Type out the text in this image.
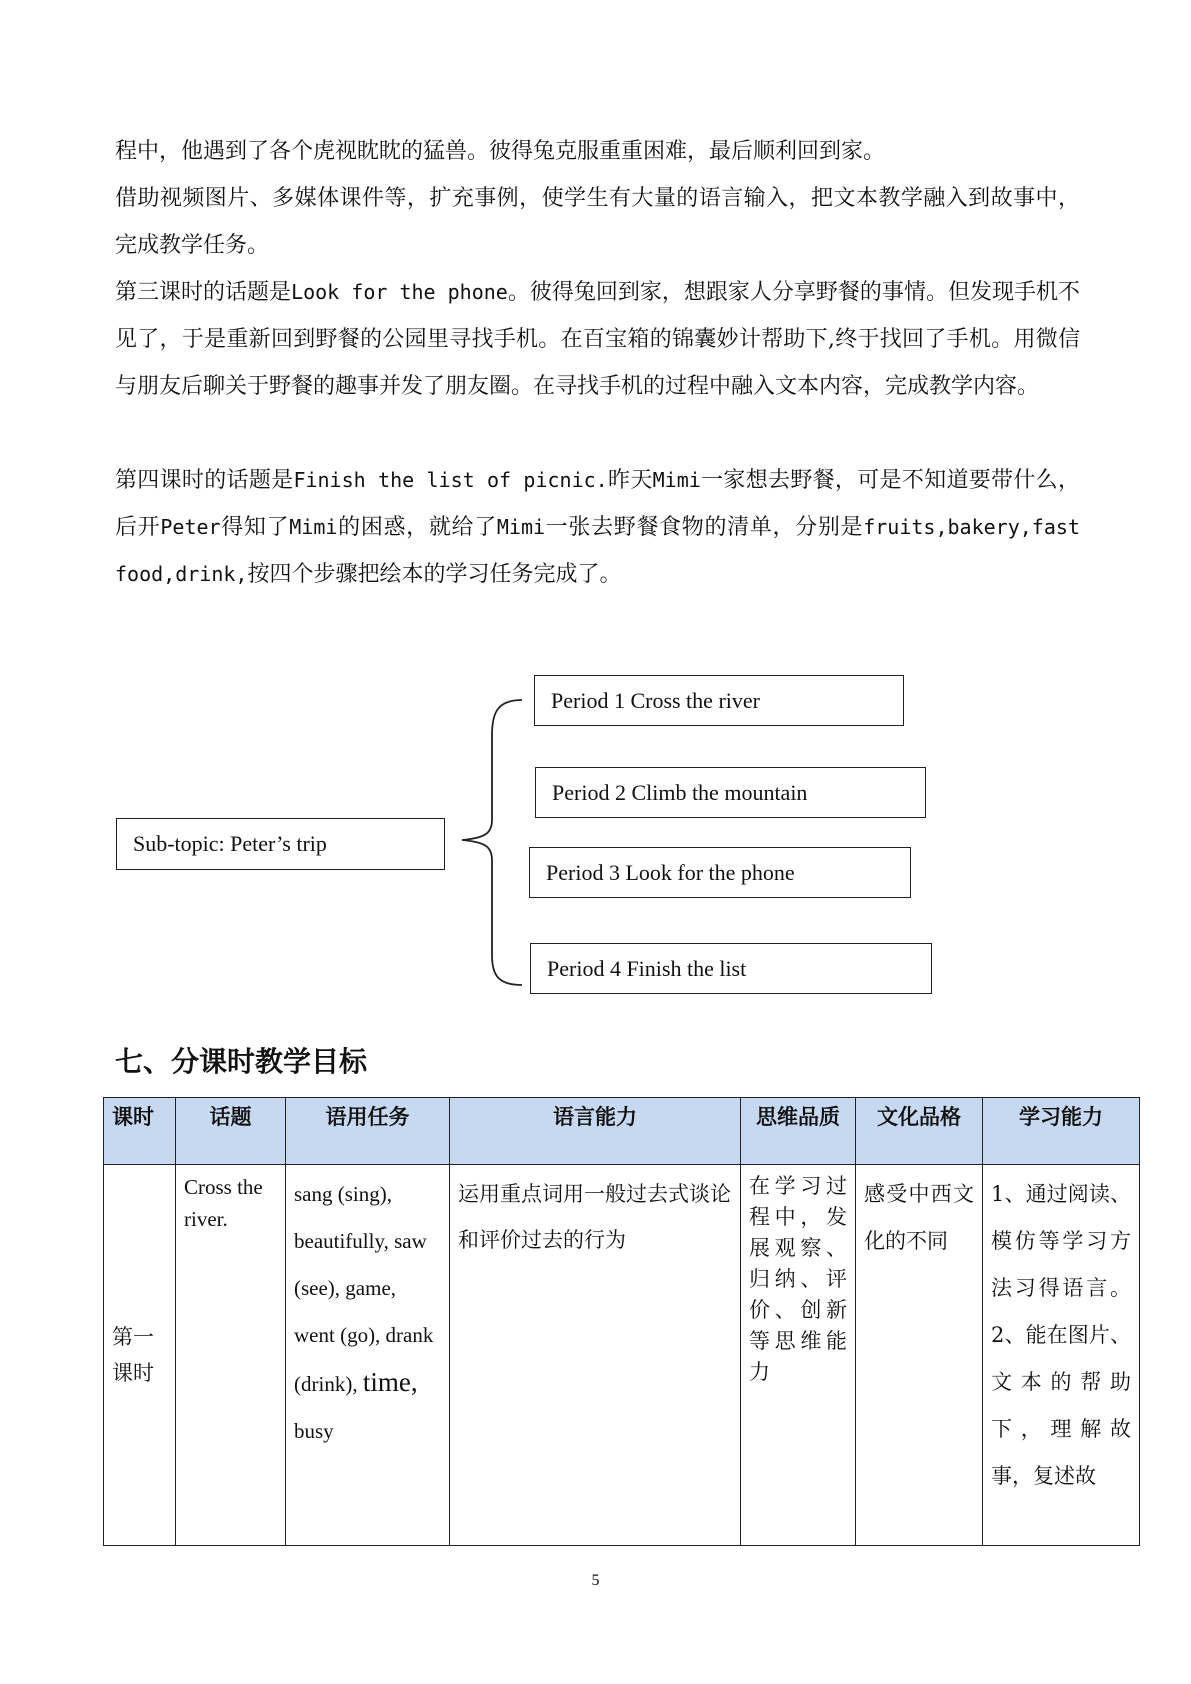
程中，他遇到了各个虎视眈眈的猛兽。彼得兔克服重重困难，最后顺利回到家。

借助视频图片、多媒体课件等，扩充事例，使学生有大量的语言输入，把文本教学融入到故事中，完成教学任务。

第三课时的话题是Look for the phone。彼得兔回到家，想跟家人分享野餐的事情。但发现手机不见了，于是重新回到野餐的公园里寻找手机。在百宝箱的锦囊妙计帮助下,终于找回了手机。用微信与朋友后聊关于野餐的趣事并发了朋友圈。在寻找手机的过程中融入文本内容，完成教学内容。

第四课时的话题是Finish the list of picnic.昨天Mimi一家想去野餐，可是不知道要带什么，后开Peter得知了Mimi的困惑，就给了Mimi一张去野餐食物的清单，分别是fruits,bakery,fast food,drink,按四个步骤把绘本的学习任务完成了。

Sub-topic: Peter’s trip
Period 1 Cross the river
Period 2 Climb the mountain
Period 3 Look for the phone
Period 4 Finish the list
七、分课时教学目标
课时	话题	语用任务	语言能力	思维品质	文化品格	学习能力
第一课时	Cross the river.	sang (sing), beautifully, saw (see), game, went (go), drank (drink), time, busy	运用重点词用一般过去式谈论和评价过去的行为	在学习过程中，发展观察、归纳、评价、创新等思维能力	感受中西文化的不同	1、通过阅读、模仿等学习方法习得语言。 2、能在图片、文本的帮助下，理解故事，复述故
5
